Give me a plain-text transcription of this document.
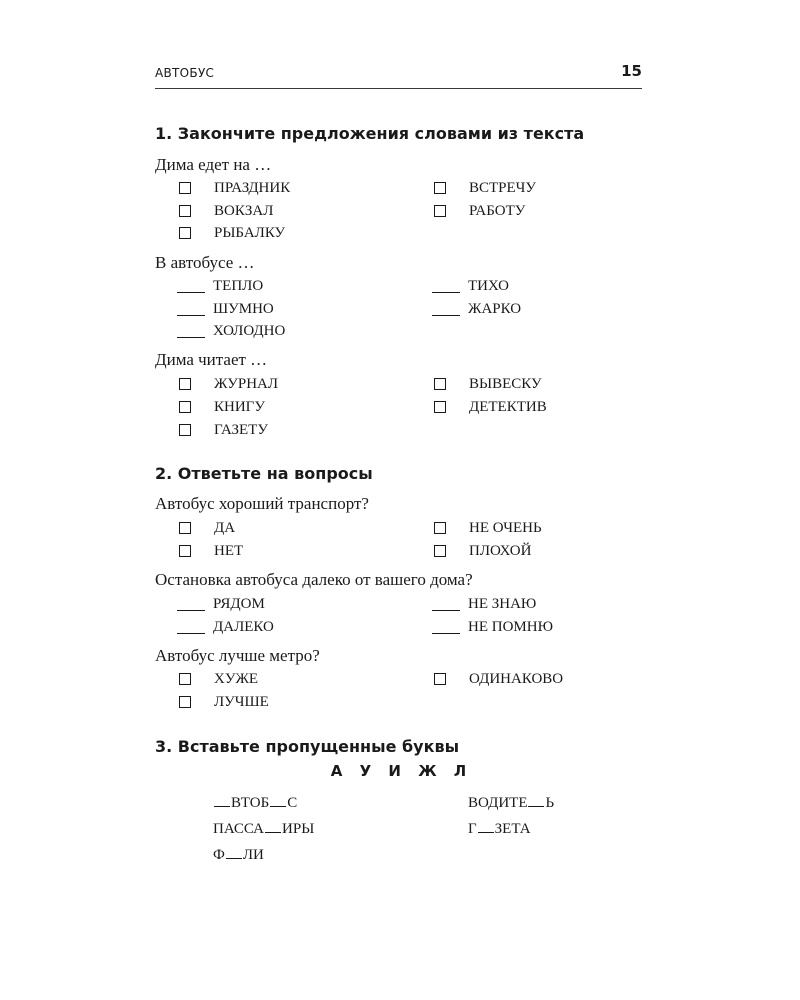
АВТОБУС	15
1. Закончите предложения словами из текста
Дима едет на …
ПРАЗДНИК
ВОКЗАЛ
РЫБАЛКУ
ВСТРЕЧУ
РАБОТУ
В автобусе …
ТЕПЛО
ШУМНО
ХОЛОДНО
ТИХО
ЖАРКО
Дима читает …
ЖУРНАЛ
КНИГУ
ГАЗЕТУ
ВЫВЕСКУ
ДЕТЕКТИВ
2. Ответьте на вопросы
Автобус хороший транспорт?
ДА
НЕТ
НЕ ОЧЕНЬ
ПЛОХОЙ
Остановка автобуса далеко от вашего дома?
РЯДОМ
ДАЛЕКО
НЕ ЗНАЮ
НЕ ПОМНЮ
Автобус лучше метро?
ХУЖЕ
ЛУЧШЕ
ОДИНАКОВО
3. Вставьте пропущенные буквы
А У И Ж Л
ВТОБ С
ПАССА ИРЫ
Ф ЛИ
ВОДИТЕ Ь
Г ЗЕТА
